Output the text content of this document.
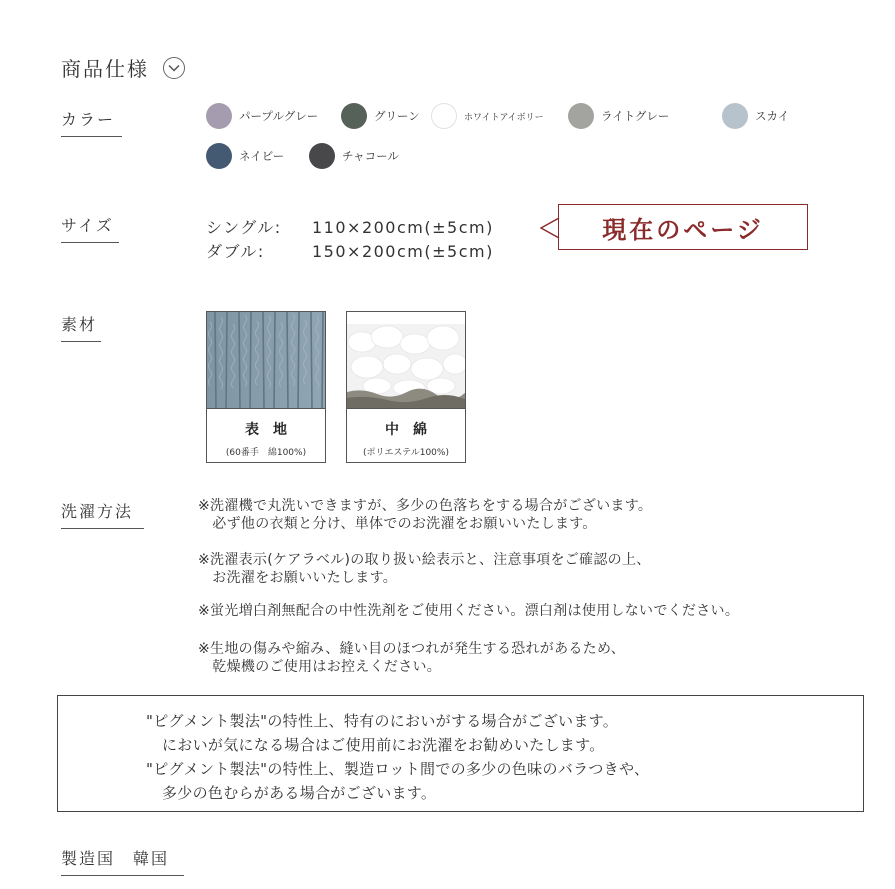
商品仕様
カラー	パープルグレー	グリーン	ホワイトアイボリー	ライトグレー	スカイ
ネイビー	チャコール
サイズ	シングル: 110×200cm(±5cm)
ダブル:	150×200cm(±5cm)
現在のページ
素材
表地
(60番手　綿100%)
中綿
(ポリエステル100%)
洗濯方法	※洗濯機で丸洗いできますが、多少の色落ちをする場合がございます。
　必ず他の衣類と分け、単体でのお洗濯をお願いいたします。
※洗濯表示(ケアラベル)の取り扱い絵表示と、注意事項をご確認の上、
　お洗濯をお願いいたします。
※蛍光増白剤無配合の中性洗剤をご使用ください。漂白剤は使用しないでください。
※生地の傷みや縮み、縫い目のほつれが発生する恐れがあるため、
　乾燥機のご使用はお控えください。
"ピグメント製法"の特性上、特有のにおいがする場合がございます。
においが気になる場合はご使用前にお洗濯をお勧めいたします。
"ピグメント製法"の特性上、製造ロット間での多少の色味のバラつきや、
多少の色むらがある場合がございます。
製造国　韓国
